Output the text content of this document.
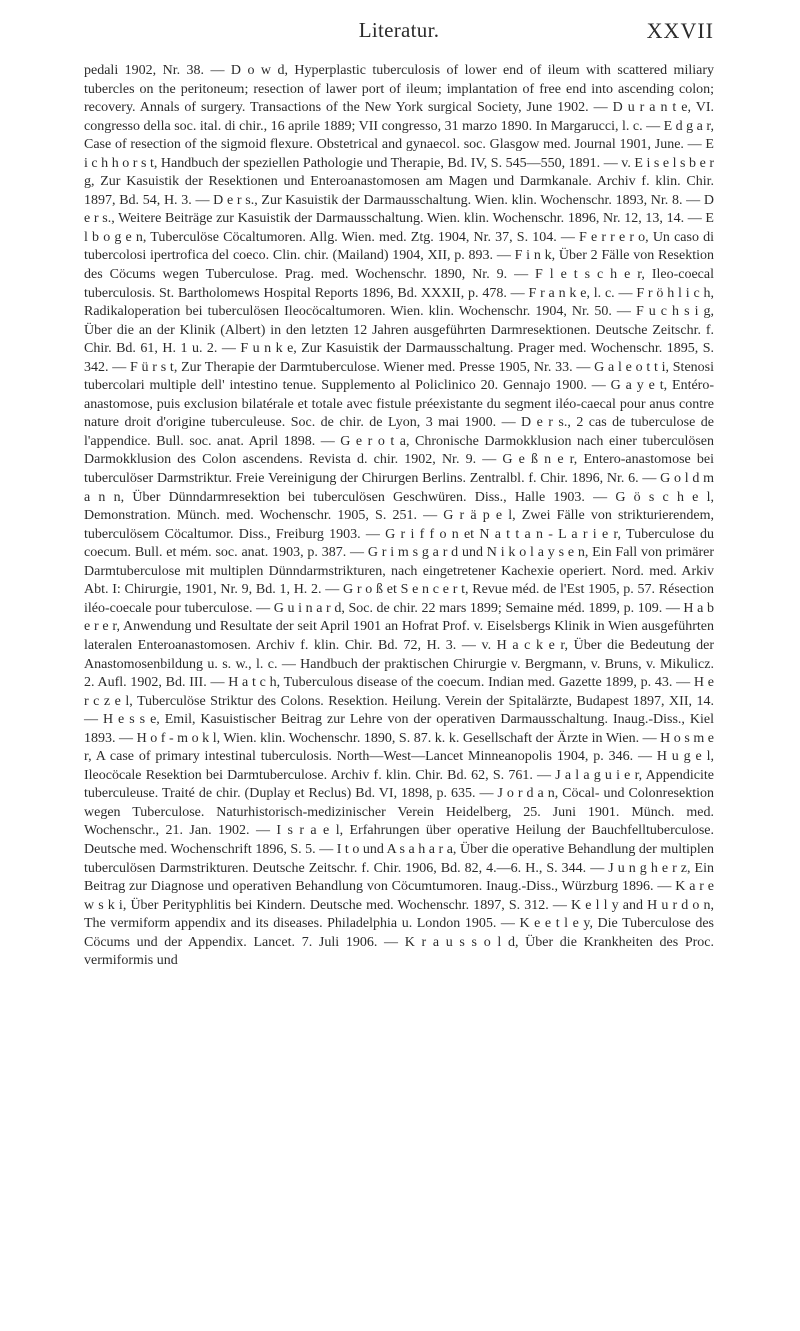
Literatur.	XXVII

pedali 1902, Nr. 38. — D o w d, Hyperplastic tuberculosis of lower end of ileum with scattered miliary tubercles on the peritoneum; resection of lawer port of ileum; implantation of free end into ascending colon; recovery. Annals of surgery. Transactions of the New York surgical Society, June 1902. — D u r a n t e, VI. congresso della soc. ital. di chir., 16 aprile 1889; VII congresso, 31 marzo 1890. In Margarucci, l. c. — E d g a r, Case of resection of the sigmoid flexure. Obstetrical and gynaecol. soc. Glasgow med. Journal 1901, June. — E i c h h o r s t, Handbuch der speziellen Pathologie und Therapie, Bd. IV, S. 545—550, 1891. — v. E i s e l s b e r g, Zur Kasuistik der Resektionen und Enteroanastomosen am Magen und Darmkanale. Archiv f. klin. Chir. 1897, Bd. 54, H. 3. — D e r s., Zur Kasuistik der Darmausschaltung. Wien. klin. Wochenschr. 1893, Nr. 8. — D e r s., Weitere Beiträge zur Kasuistik der Darmausschaltung. Wien. klin. Wochenschr. 1896, Nr. 12, 13, 14. — E l b o g e n, Tuberculöse Cöcaltumoren. Allg. Wien. med. Ztg. 1904, Nr. 37, S. 104. — F e r r e r o, Un caso di tubercolosi ipertrofica del coeco. Clin. chir. (Mailand) 1904, XII, p. 893. — F i n k, Über 2 Fälle von Resektion des Cöcums wegen Tuberculose. Prag. med. Wochenschr. 1890, Nr. 9. — F l e t s c h e r, Ileo-coecal tuberculosis. St. Bartholomews Hospital Reports 1896, Bd. XXXII, p. 478. — F r a n k e, l. c. — F r ö h l i c h, Radikaloperation bei tuberculösen Ileocöcaltumoren. Wien. klin. Wochenschr. 1904, Nr. 50. — F u c h s i g, Über die an der Klinik (Albert) in den letzten 12 Jahren ausgeführten Darmresektionen. Deutsche Zeitschr. f. Chir. Bd. 61, H. 1 u. 2. — F u n k e, Zur Kasuistik der Darmausschaltung. Prager med. Wochenschr. 1895, S. 342. — F ü r s t, Zur Therapie der Darmtuberculose. Wiener med. Presse 1905, Nr. 33. — G a l e o t t i, Stenosi tubercolari multiple dell' intestino tenue. Supplemento al Policlinico 20. Gennajo 1900. — G a y e t, Entéro-anastomose, puis exclusion bilatérale et totale avec fistule préexistante du segment iléo-caecal pour anus contre nature droit d'origine tuberculeuse. Soc. de chir. de Lyon, 3 mai 1900. — D e r s., 2 cas de tuberculose de l'appendice. Bull. soc. anat. April 1898. — G e r o t a, Chronische Darmokklusion nach einer tuberculösen Darmokklusion des Colon ascendens. Revista d. chir. 1902, Nr. 9. — G e ß n e r, Entero-anastomose bei tuberculöser Darmstriktur. Freie Vereinigung der Chirurgen Berlins. Zentralbl. f. Chir. 1896, Nr. 6. — G o l d m a n n, Über Dünndarmresektion bei tuberculösen Geschwüren. Diss., Halle 1903. — G ö s c h e l, Demonstration. Münch. med. Wochenschr. 1905, S. 251. — G r ä p e l, Zwei Fälle von strikturierendem, tuberculösem Cöcaltumor. Diss., Freiburg 1903. — G r i f f o n et N a t t a n - L a r i e r, Tuberculose du coecum. Bull. et mém. soc. anat. 1903, p. 387. — G r i m s g a r d und N i k o l a y s e n, Ein Fall von primärer Darmtuberculose mit multiplen Dünndarmstrikturen, nach eingetretener Kachexie operiert. Nord. med. Arkiv Abt. I: Chirurgie, 1901, Nr. 9, Bd. 1, H. 2. — G r o ß et S e n c e r t, Revue méd. de l'Est 1905, p. 57. Résection iléo-coecale pour tuberculose. — G u i n a r d, Soc. de chir. 22 mars 1899; Semaine méd. 1899, p. 109. — H a b e r e r, Anwendung und Resultate der seit April 1901 an Hofrat Prof. v. Eiselsbergs Klinik in Wien ausgeführten lateralen Enteroanastomosen. Archiv f. klin. Chir. Bd. 72, H. 3. — v. H a c k e r, Über die Bedeutung der Anastomosenbildung u. s. w., l. c. — Handbuch der praktischen Chirurgie v. Bergmann, v. Bruns, v. Mikulicz. 2. Aufl. 1902, Bd. III. — H a t c h, Tuberculous disease of the coecum. Indian med. Gazette 1899, p. 43. — H e r c z e l, Tuberculöse Striktur des Colons. Resektion. Heilung. Verein der Spitalärzte, Budapest 1897, XII, 14. — H e s s e, Emil, Kasuistischer Beitrag zur Lehre von der operativen Darmausschaltung. Inaug.-Diss., Kiel 1893. — H o f - m o k l, Wien. klin. Wochenschr. 1890, S. 87. k. k. Gesellschaft der Ärzte in Wien. — H o s m e r, A case of primary intestinal tuberculosis. North—West—Lancet Minneanopolis 1904, p. 346. — H u g e l, Ileocöcale Resektion bei Darmtuberculose. Archiv f. klin. Chir. Bd. 62, S. 761. — J a l a g u i e r, Appendicite tuberculeuse. Traité de chir. (Duplay et Reclus) Bd. VI, 1898, p. 635. — J o r d a n, Cöcal- und Colonresektion wegen Tuberculose. Naturhistorisch-medizinischer Verein Heidelberg, 25. Juni 1901. Münch. med. Wochenschr., 21. Jan. 1902. — I s r a e l, Erfahrungen über operative Heilung der Bauchfelltuberculose. Deutsche med. Wochenschrift 1896, S. 5. — I t o und A s a h a r a, Über die operative Behandlung der multiplen tuberculösen Darmstrikturen. Deutsche Zeitschr. f. Chir. 1906, Bd. 82, 4.—6. H., S. 344. — J u n g h e r z, Ein Beitrag zur Diagnose und operativen Behandlung von Cöcumtumoren. Inaug.-Diss., Würzburg 1896. — K a r e w s k i, Über Perityphlitis bei Kindern. Deutsche med. Wochenschr. 1897, S. 312. — K e l l y and H u r d o n, The vermiform appendix and its diseases. Philadelphia u. London 1905. — K e e t l e y, Die Tuberculose des Cöcums und der Appendix. Lancet. 7. Juli 1906. — K r a u s s o l d, Über die Krankheiten des Proc. vermiformis und
